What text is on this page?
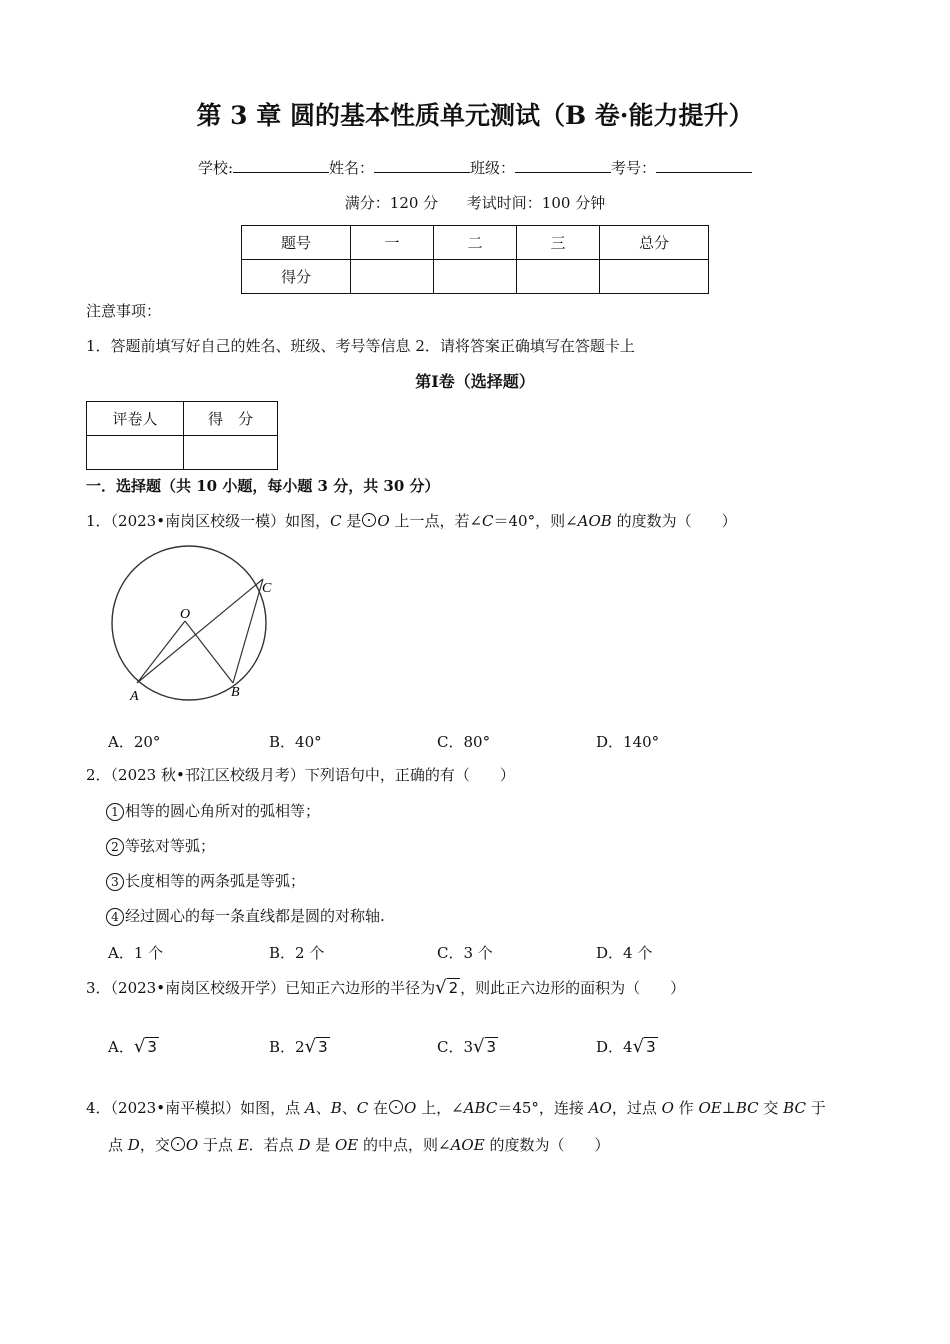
第 3 章 圆的基本性质单元测试（B 卷·能力提升）
学校:	姓名：	班级：	考号：
满分：120 分 考试时间：100 分钟
题号	一	二	三	总分
得分				
注意事项：
1．答题前填写好自己的姓名、班级、考号等信息 2．请将答案正确填写在答题卡上
第Ⅰ卷（选择题）
评卷人	得　分

一．选择题（共 10 小题，每小题 3 分，共 30 分）
1．（2023•南岗区校级一模）如图，C 是 O 上一点，若∠C＝40°，则∠AOB 的度数为（　　）
O
A	B
C
A．20°	B．40°	C．80°	D．140°
2．（2023 秋•邗江区校级月考）下列语句中，正确的有（　　）
1 相等的圆心角所对的弧相等；
2 等弦对等弧；
3 长度相等的两条弧是等弧；
4 经过圆心的每一条直线都是圆的对称轴.
A．1 个	B．2 个	C．3 个	D．4 个
3．（2023•南岗区校级开学）已知正六边形的半径为√ 2 ，则此正六边形的面积为（　　）
A．√ 3	B．2√ 3	C．3√ 3	D．4√ 3
4．（2023•南平模拟）如图，点 A、B、C 在 O 上，∠ABC＝45°，连接 AO，过点 O 作 OE⊥BC 交 BC 于
点 D，交 O 于点 E．若点 D 是 OE 的中点，则∠AOE 的度数为（　　）
